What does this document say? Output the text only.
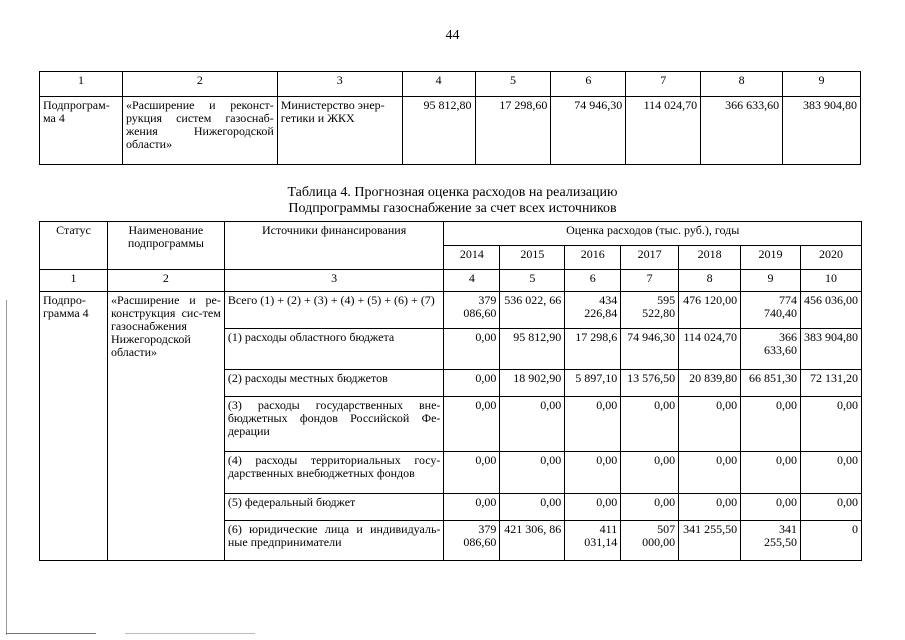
44
1	2	3	4	5	6	7	8	9
Подпрограм-ма 4	«Расширение и реконст-рукция систем газоснаб-жения Нижегородской области»	Министерство энер-гетики и ЖКХ	95 812,80	17 298,60	74 946,30	114 024,70	366 633,60	383 904,80
Таблица 4. Прогнозная оценка расходов на реализацию
Подпрограммы газоснабжение за счет всех источников
Статус	Наименование подпрограммы	Источники финансирования	Оценка расходов (тыс. руб.), годы						
			2014	2015	2016	2017	2018	2019	2020
1	2	3	4	5	6	7	8	9	10
Подпро-грамма 4	«Расширение и ре-конструкция сис-тем газоснабжения Нижегородской области»	Всего (1) + (2) + (3) + (4) + (5) + (6) + (7)	379 086,60	536 022, 66	434 226,84	595 522,80	476 120,00	774 740,40	456 036,00
		(1) расходы областного бюджета	0,00	95 812,90	17 298,6	74 946,30	114 024,70	366 633,60	383 904,80
		(2) расходы местных бюджетов	0,00	18 902,90	5 897,10	13 576,50	20 839,80	66 851,30	72 131,20
		(3) расходы государственных вне-бюджетных фондов Российской Фе-дерации	0,00	0,00	0,00	0,00	0,00	0,00	0,00
		(4) расходы территориальных госу-дарственных внебюджетных фондов	0,00	0,00	0,00	0,00	0,00	0,00	0,00
		(5) федеральный бюджет	0,00	0,00	0,00	0,00	0,00	0,00	0,00
		(6) юридические лица и индивидуаль-ные предприниматели	379 086,60	421 306, 86	411 031,14	507 000,00	341 255,50	341 255,50	0
